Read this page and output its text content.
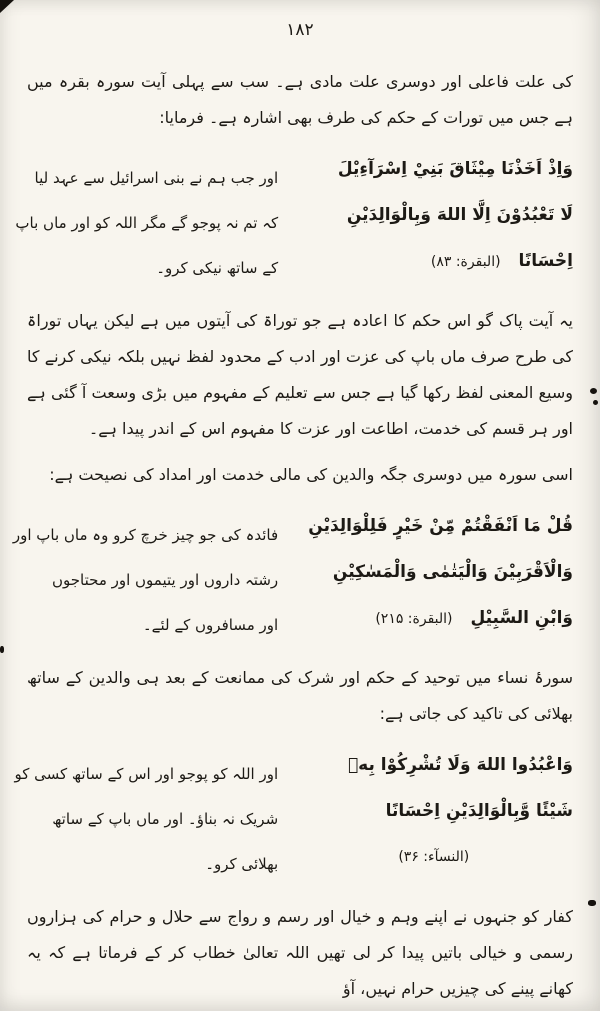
۱۸۲

کی علت فاعلی اور دوسری علت مادی ہے۔ سب سے پہلی آیت سورہ بقرہ میں ہے جس میں تورات کے حکم کی طرف بھی اشارہ ہے۔ فرمایا:

وَاِذْ اَخَذْنَا مِيْثَاقَ بَنِيْ اِسْرَآءِيْلَ
لَا تَعْبُدُوْنَ اِلَّا اللهَ وَبِالْوَالِدَيْنِ
اِحْسَانًا (البقرة: ۸۳)
اور جب ہم نے بنی اسرائیل سے عہد لیا
کہ تم نہ پوجو گے مگر اللہ کو اور ماں باپ
کے ساتھ نیکی کرو۔

یہ آیت پاک گو اس حکم کا اعادہ ہے جو توراۃ کی آیتوں میں ہے لیکن یہاں توراۃ کی طرح صرف ماں باپ کی عزت اور ادب کے محدود لفظ نہیں بلکہ نیکی کرنے کا وسیع المعنی لفظ رکھا گیا ہے جس سے تعلیم کے مفہوم میں بڑی وسعت آ گئی ہے اور ہر قسم کی خدمت، اطاعت اور عزت کا مفہوم اس کے اندر پیدا ہے۔

اسی سورہ میں دوسری جگہ والدین کی مالی خدمت اور امداد کی نصیحت ہے:

قُلْ مَا اَنْفَقْتُمْ مِّنْ خَيْرٍ فَلِلْوَالِدَيْنِ
وَالْاَقْرَبِيْنَ وَالْيَتٰمٰى وَالْمَسٰكِيْنِ
وَابْنِ السَّبِيْلِ (البقرة: ۲۱۵)
فائدہ کی جو چیز خرچ کرو وہ ماں باپ اور
رشتہ داروں اور یتیموں اور محتاجوں
اور مسافروں کے لئے۔

سورۂ نساء میں توحید کے حکم اور شرک کی ممانعت کے بعد ہی والدین کے ساتھ بھلائی کی تاکید کی جاتی ہے:

وَاعْبُدُوا اللهَ وَلَا تُشْرِكُوْا بِهٖ
شَيْئًا وَّبِالْوَالِدَيْنِ اِحْسَانًا
(النسآء: ۳۶)
اور اللہ کو پوجو اور اس کے ساتھ کسی کو
شریک نہ بناؤ۔ اور ماں باپ کے ساتھ
بھلائی کرو۔

کفار کو جنہوں نے اپنے وہم و خیال اور رسم و رواج سے حلال و حرام کی ہزاروں رسمی و خیالی باتیں پیدا کر لی تھیں اللہ تعالیٰ خطاب کر کے فرماتا ہے کہ یہ کھانے پینے کی چیزیں حرام نہیں، آؤ
